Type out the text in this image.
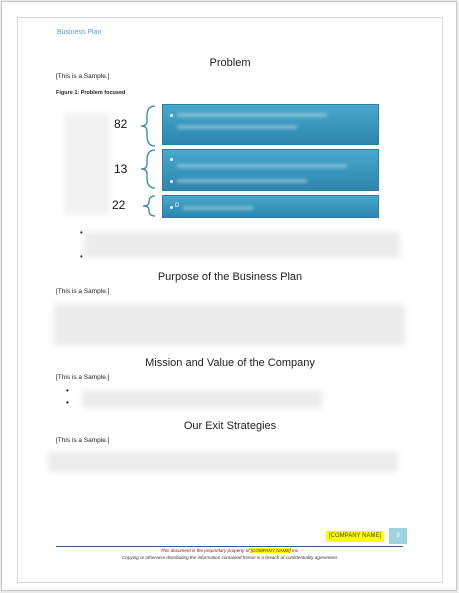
Business Plan
Problem
[This is a Sample.]
Figure 1: Problem focused
82
13
22	D
•
•
Purpose of the Business Plan
[This is a Sample.]
Mission and Value of the Company
[This is a Sample.]
•
•
Our Exit Strategies
[This is a Sample.]
[COMPANY NAME]	9
This document is the proprietary property of [COMPANY NAME] Inc.
Copying or otherwise distributing the information contained herein is a breach of confidentiality agreement.
